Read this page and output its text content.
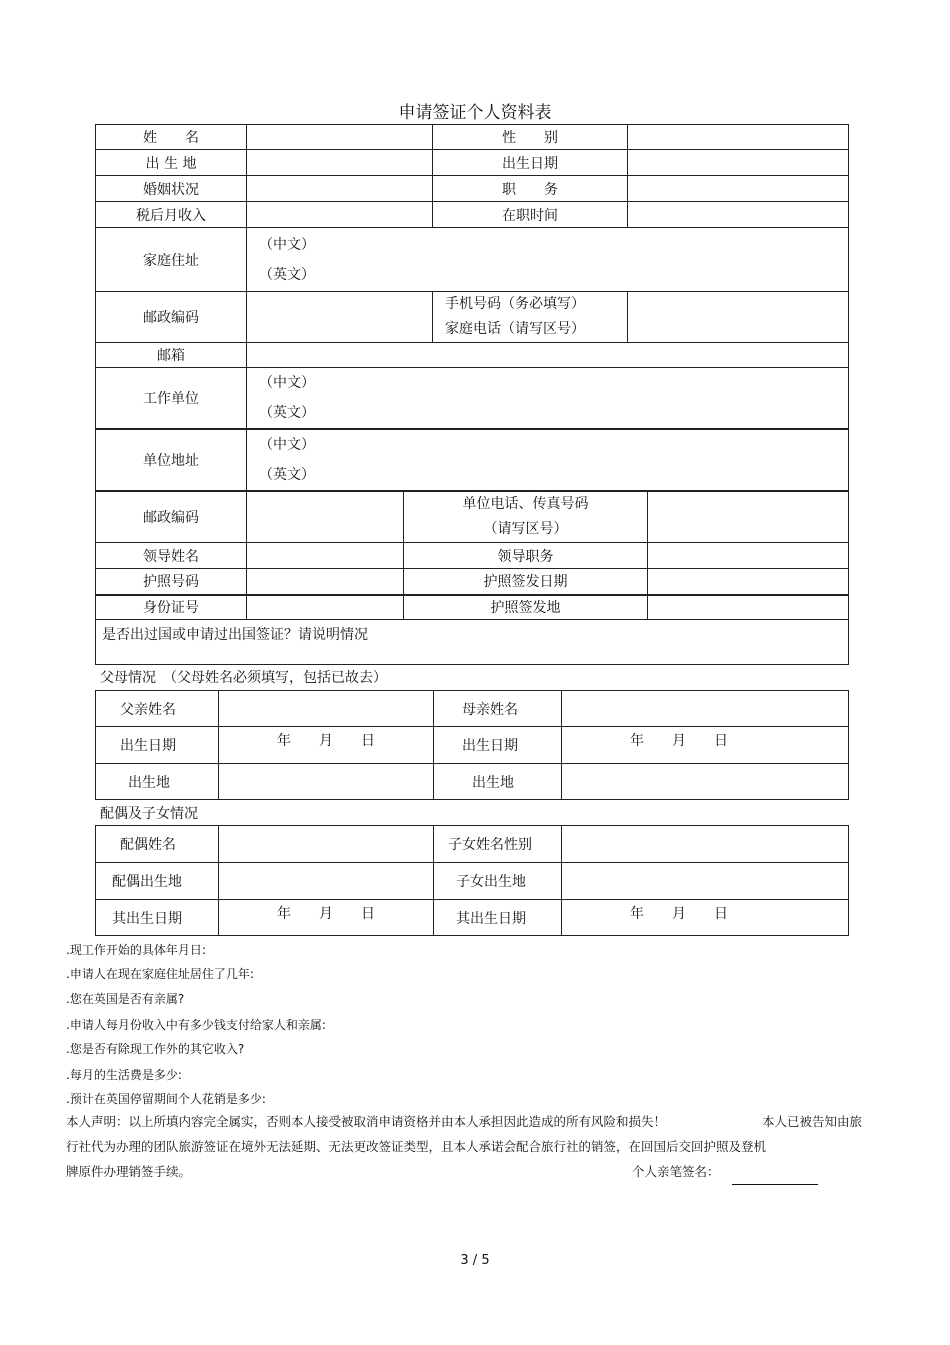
申请签证个人资料表
姓　　名		性　　别	
出 生 地		出生日期	
婚姻状况		职　　务	
税后月收入		在职时间	
家庭住址	（中文）
（英文）		

邮政编码		手机号码（务必填写）
家庭电话（请写区号）	

邮箱			
工作单位	（中文）
（英文）		

单位地址	（中文）
（英文）		
邮政编码		单位电话、传真号码
（请写区号）	

领导姓名		领导职务	
护照号码		护照签发日期	
身份证号		护照签发地	
是否出过国或申请过出国签证？请说明情况			
父母情况　（父母姓名必须填写，包括已故去）
父亲姓名		母亲姓名	
出生日期	年 月 日	出生日期	年 月 日

出生地		出生地	
配偶及子女情况
配偶姓名		子女姓名性别	
配偶出生地		子女出生地	
其出生日期	年 月 日	其出生日期	年 月 日
.现工作开始的具体年月日:
.申请人在现在家庭住址居住了几年:
.您在英国是否有亲属?
.申请人每月份收入中有多少钱支付给家人和亲属:
.您是否有除现工作外的其它收入?
.每月的生活费是多少:
.预计在英国停留期间个人花销是多少:
本人声明：以上所填内容完全属实，否则本人接受被取消申请资格并由本人承担因此造成的所有风险和损失！	本人已被告知由旅
行社代为办理的团队旅游签证在境外无法延期、无法更改签证类型，且本人承诺会配合旅行社的销签，在回国后交回护照及登机
牌原件办理销签手续。	个人亲笔签名：
3 / 5
